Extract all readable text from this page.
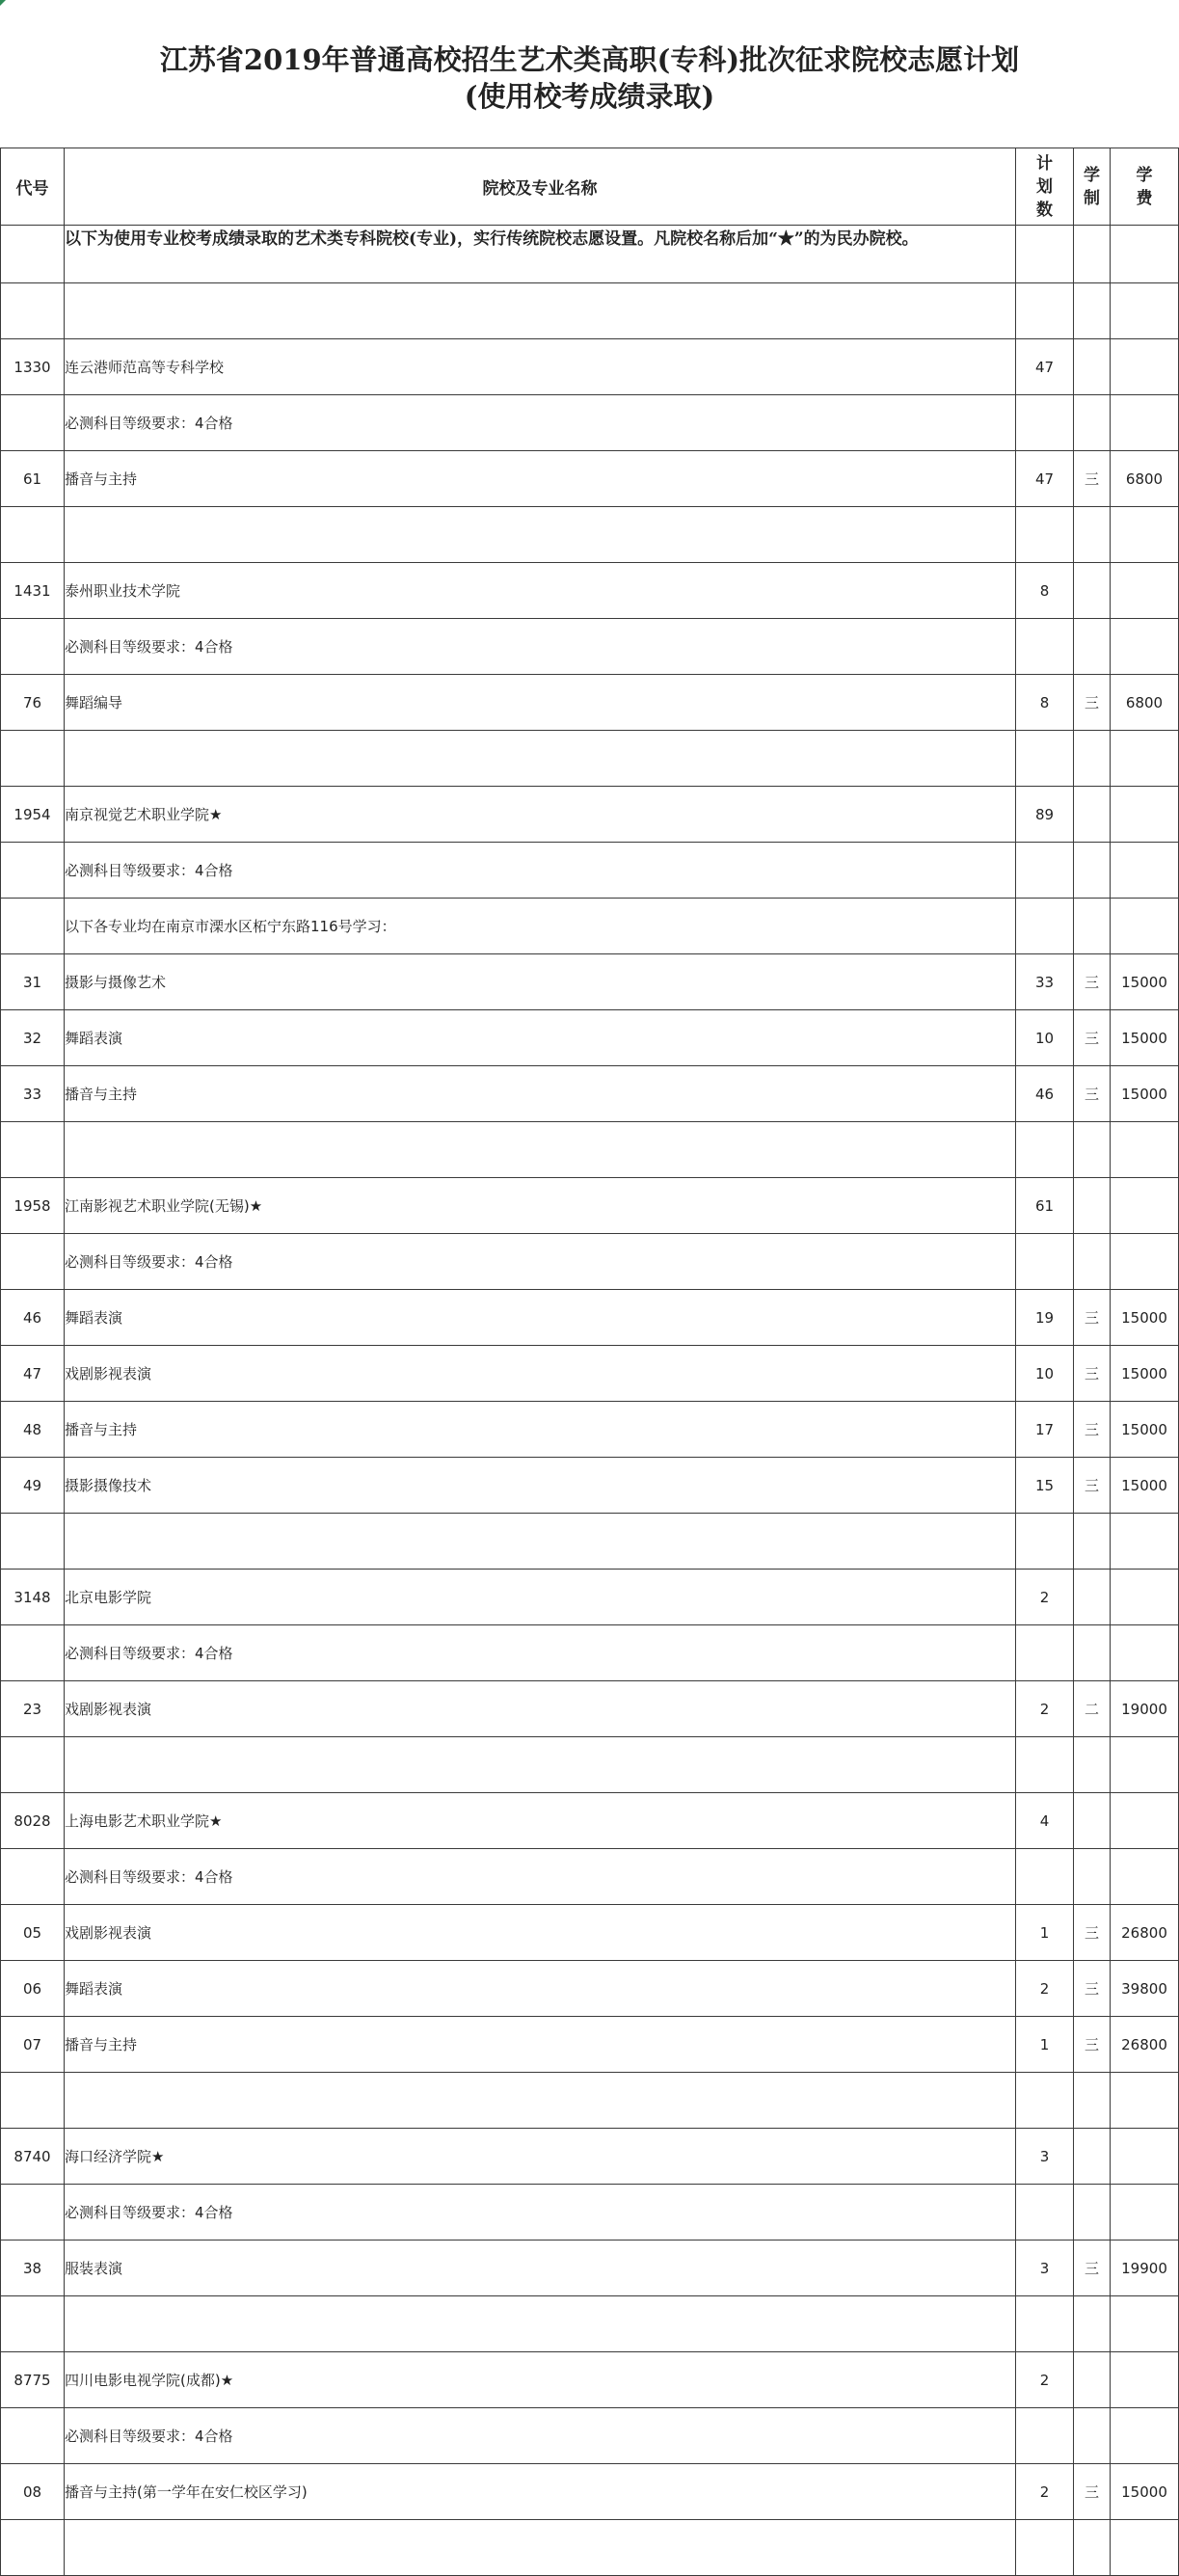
江苏省2019年普通高校招生艺术类高职(专科)批次征求院校志愿计划
(使用校考成绩录取)
代号	院校及专业名称	计划数	学制	学费
	以下为使用专业校考成绩录取的艺术类专科院校(专业)，实行传统院校志愿设置。凡院校名称后加“★”的为民办院校。			

1330	连云港师范高等专科学校	47		
	必测科目等级要求：4合格			
61	播音与主持	47	三	6800

1431	泰州职业技术学院	8		
	必测科目等级要求：4合格			
76	舞蹈编导	8	三	6800

1954	南京视觉艺术职业学院★	89		
	必测科目等级要求：4合格			
	以下各专业均在南京市溧水区柘宁东路116号学习：			
31	摄影与摄像艺术	33	三	15000
32	舞蹈表演	10	三	15000
33	播音与主持	46	三	15000

1958	江南影视艺术职业学院(无锡)★	61		
	必测科目等级要求：4合格			
46	舞蹈表演	19	三	15000
47	戏剧影视表演	10	三	15000
48	播音与主持	17	三	15000
49	摄影摄像技术	15	三	15000

3148	北京电影学院	2		
	必测科目等级要求：4合格			
23	戏剧影视表演	2	二	19000

8028	上海电影艺术职业学院★	4		
	必测科目等级要求：4合格			
05	戏剧影视表演	1	三	26800
06	舞蹈表演	2	三	39800
07	播音与主持	1	三	26800

8740	海口经济学院★	3		
	必测科目等级要求：4合格			
38	服装表演	3	三	19900

8775	四川电影电视学院(成都)★	2		
	必测科目等级要求：4合格			
08	播音与主持(第一学年在安仁校区学习)	2	三	15000
